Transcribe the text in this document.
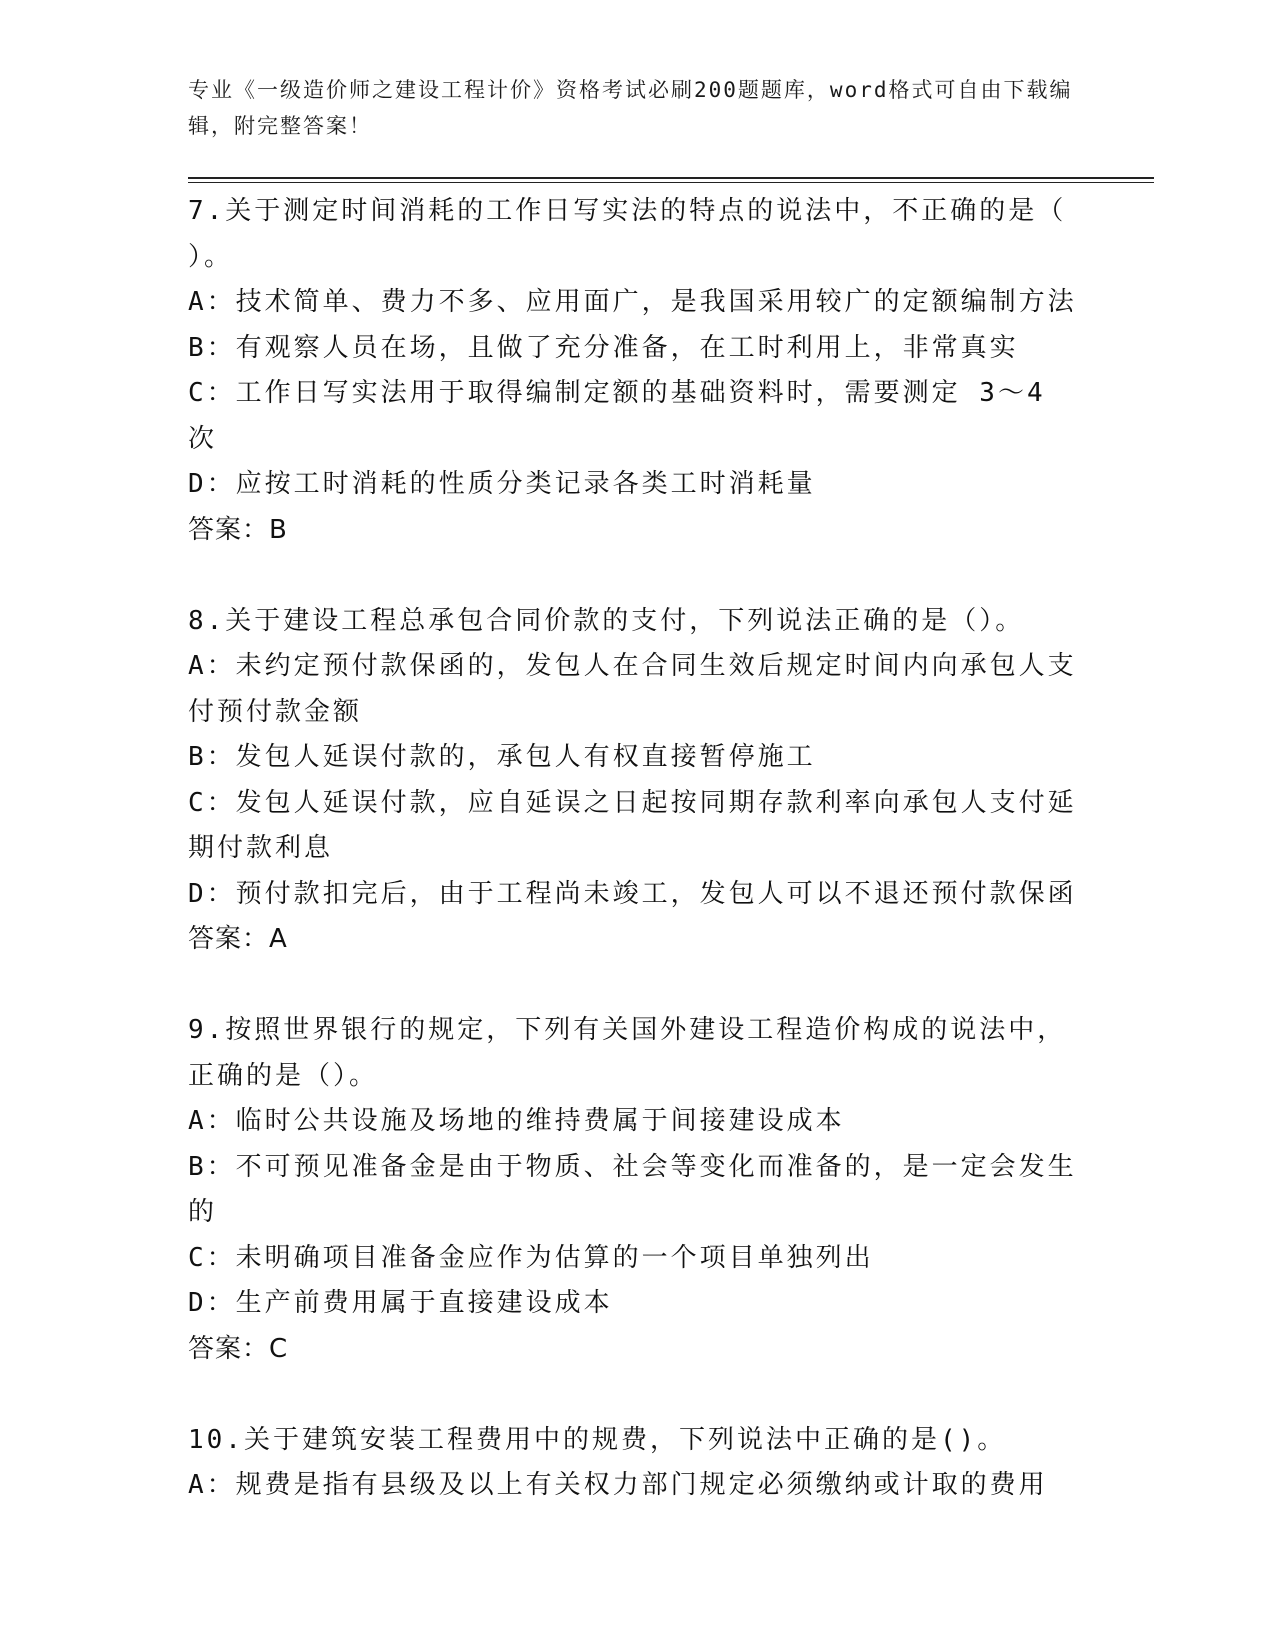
专业《一级造价师之建设工程计价》资格考试必刷200题题库，word格式可自由下载编辑，附完整答案！
7.关于测定时间消耗的工作日写实法的特点的说法中，不正确的是（
）。
A：技术简单、费力不多、应用面广，是我国采用较广的定额编制方法
B：有观察人员在场，且做了充分准备，在工时利用上，非常真实
C：工作日写实法用于取得编制定额的基础资料时，需要测定 3～4 次
D：应按工时消耗的性质分类记录各类工时消耗量
答案：B
8.关于建设工程总承包合同价款的支付，下列说法正确的是（）。
A：未约定预付款保函的，发包人在合同生效后规定时间内向承包人支
付预付款金额
B：发包人延误付款的，承包人有权直接暂停施工
C：发包人延误付款，应自延误之日起按同期存款利率向承包人支付延
期付款利息
D：预付款扣完后，由于工程尚未竣工，发包人可以不退还预付款保函
答案：A
9.按照世界银行的规定，下列有关国外建设工程造价构成的说法中，
正确的是（）。
A：临时公共设施及场地的维持费属于间接建设成本
B：不可预见准备金是由于物质、社会等变化而准备的，是一定会发生
的
C：未明确项目准备金应作为估算的一个项目单独列出
D：生产前费用属于直接建设成本
答案：C
10.关于建筑安装工程费用中的规费，下列说法中正确的是()。
A：规费是指有县级及以上有关权力部门规定必须缴纳或计取的费用
